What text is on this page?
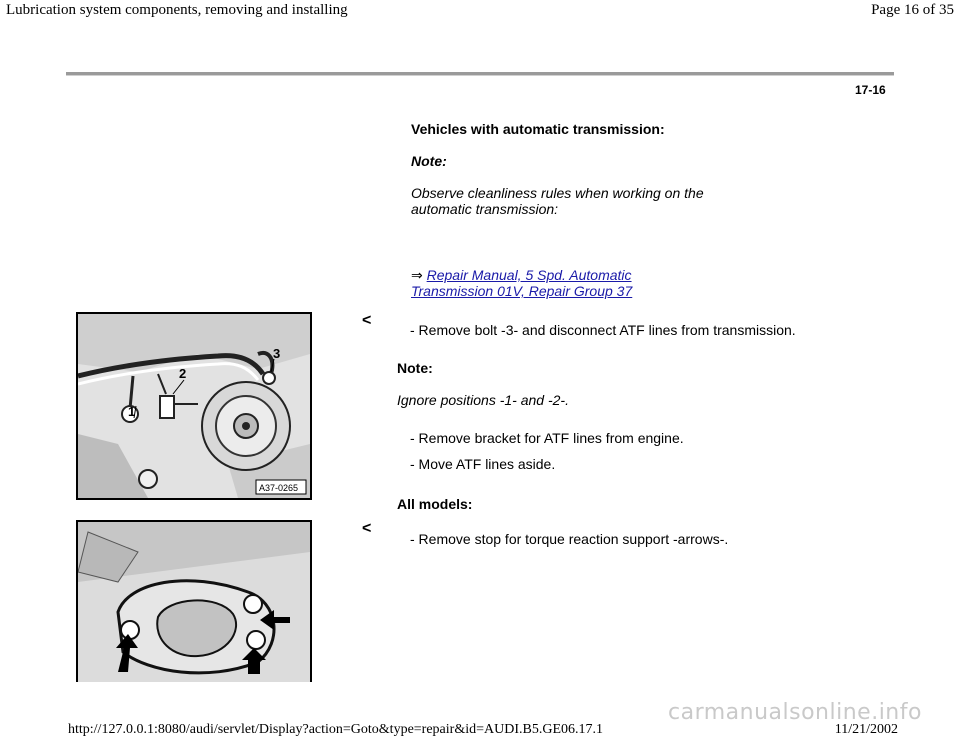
Lubrication system components, removing and installing	Page 16 of 35
17-16
Vehicles with automatic transmission:
Note:
Observe cleanliness rules when working on the
automatic transmission:
⇒ Repair Manual, 5 Spd. Automatic
Transmission 01V, Repair Group 37
1
2
3
A37-0265
<
- Remove bolt -3- and disconnect ATF lines from transmission.
Note:
Ignore positions -1- and -2-.
- Remove bracket for ATF lines from engine.
- Move ATF lines aside.
All models:
<
- Remove stop for torque reaction support -arrows-.
carmanualsonline.info
http://127.0.0.1:8080/audi/servlet/Display?action=Goto&type=repair&id=AUDI.B5.GE06.17.1	11/21/2002
